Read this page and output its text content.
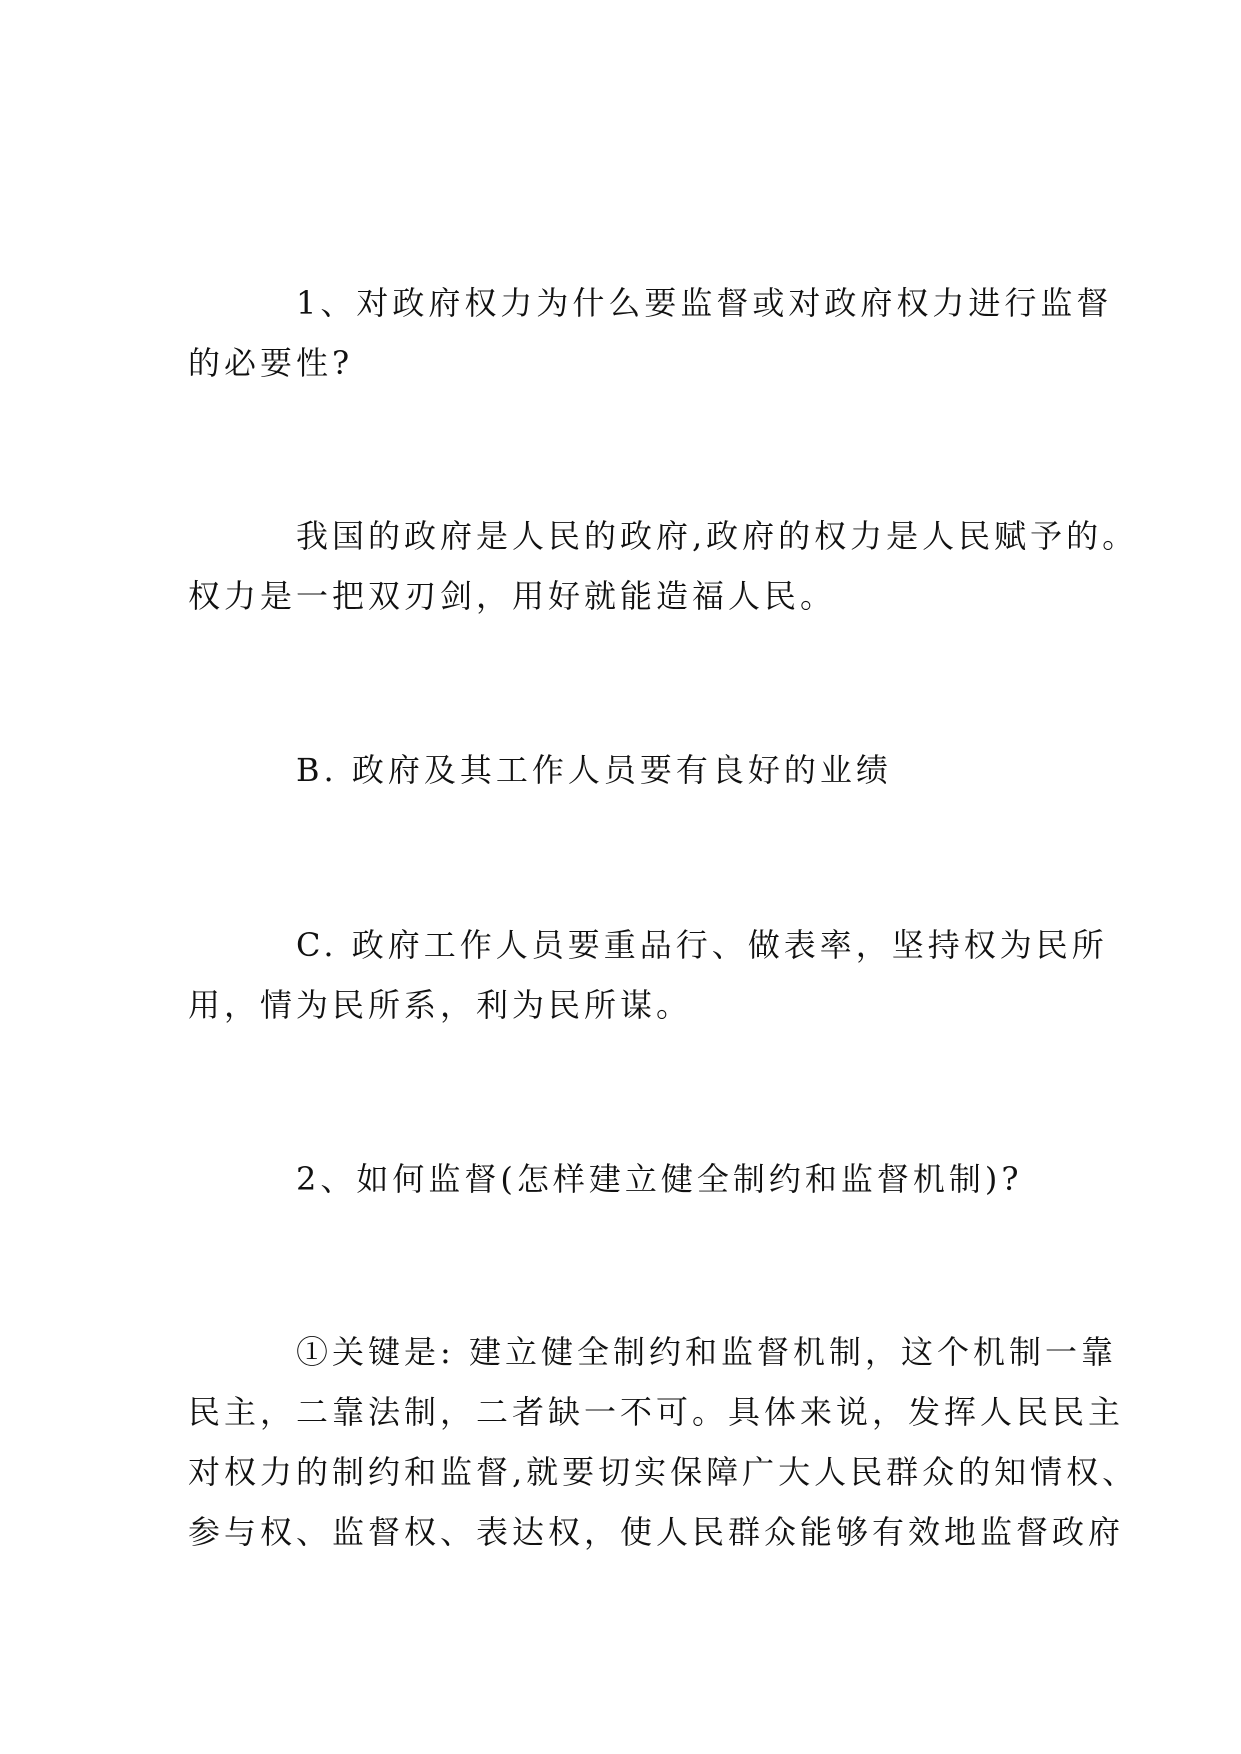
1、对政府权力为什么要监督或对政府权力进行监督
的必要性?

我国的政府是人民的政府,政府的权力是人民赋予的。
权力是一把双刃剑，用好就能造福人民。

B. 政府及其工作人员要有良好的业绩

C. 政府工作人员要重品行、做表率，坚持权为民所
用，情为民所系，利为民所谋。

2、如何监督(怎样建立健全制约和监督机制)?

①关键是: 建立健全制约和监督机制，这个机制一靠
民主，二靠法制，二者缺一不可。具体来说，发挥人民民主
对权力的制约和监督,就要切实保障广大人民群众的知情权、
参与权、监督权、表达权，使人民群众能够有效地监督政府
